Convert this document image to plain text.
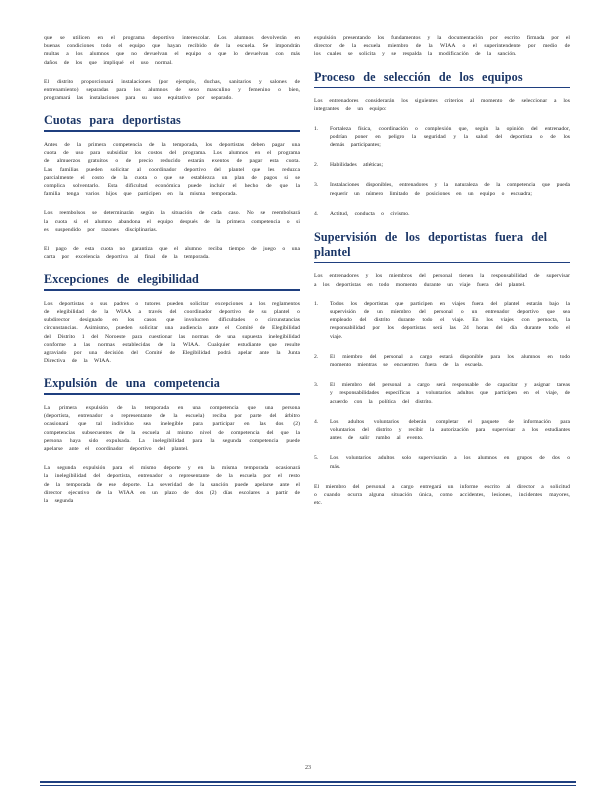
que se utilicen en el programa deportivo interescolar. Los alumnos devolverán en buenas condiciones todo el equipo que hayan recibido de la escuela. Se impondrán multas a los alumnos que no devuelvan el equipo o que lo devuelvan con más daños de los que impliqué el uso normal.

El distrito proporcionará instalaciones (por ejemplo, duchas, sanitarios y salones de entrenamiento) separadas para los alumnos de sexo masculino y femenino o bien, programará las instalaciones para su uso equitativo por separado.

Cuotas para deportistas

Antes de la primera competencia de la temporada, los deportistas deben pagar una cuota de uso para subsidiar los costos del programa. Los alumnos en el programa de almuerzos gratuitos o de precio reducido estarán exentos de pagar esta cuota. Las familias pueden solicitar al coordinador deportivo del plantel que les reduzca parcialmente el costo de la cuota o que se establezca un plan de pagos si se complica solventarlo. Esta dificultad económica puede incluir el hecho de que la familia tenga varios hijos que participen en la misma temporada.

Los reembolsos se determinarán según la situación de cada caso. No se reembolsará la cuota si el alumno abandona el equipo después de la primera competencia o si es suspendido por razones disciplinarias.

El pago de esta cuota no garantiza que el alumno reciba tiempo de juego o una carta por excelencia deportiva al final de la temporada.

Excepciones de elegibilidad

Los deportistas o sus padres o tutores pueden solicitar excepciones a los reglamentos de elegibilidad de la WIAA a través del coordinador deportivo de su plantel o subdirector designado en los casos que involucren dificultades o circunstancias circunstancias. Asimismo, pueden solicitar una audiencia ante el Comité de Elegibilidad del Distrito 1 del Noroeste para cuestionar las normas de una supuesta inelegibilidad conforme a las normas establecidas de la WIAA. Cualquier estudiante que resulte agraviado por una decisión del Comité de Elegibilidad podrá apelar ante la Junta Directiva de la WIAA.

Expulsión de una competencia

La primera expulsión de la temporada en una competencia que una persona (deportista, entrenador o representante de la escuela) reciba por parte del árbitro ocasionará que tal individuo sea inelegible para participar en las dos (2) competencias subsecuentes de la escuela al mismo nivel de competencia del que la persona haya sido expulsada. La inelegibilidad para la segunda competencia puede apelarse ante el coordinador deportivo del plantel.

La segunda expulsión para el mismo deporte y en la misma temporada ocasionará la inelegibilidad del deportista, entrenador o representante de la escuela por el resto de la temporada de ese deporte. La severidad de la sanción puede apelarse ante el director ejecutivo de la WIAA en un plazo de dos (2) días escolares a partir de la segunda

expulsión presentando los fundamentos y la documentación por escrito firmada por el director de la escuela miembro de la WIAA o el superintendente por medio de los cuales se solicita y se respalda la modificación de la sanción.

Proceso de selección de los equipos

Los entrenadores considerarán los siguientes criterios al momento de seleccionar a los integrantes de un equipo:

1. Fortaleza física, coordinación o complexión que, según la opinión del entrenador, podrían poner en peligro la seguridad y la salud del deportista o de los demás participantes;
2. Habilidades atléticas;
3. Instalaciones disponibles, entrenadores y la naturaleza de la competencia que pueda requerir un número limitado de posiciones en un equipo o escuadra;
4. Actitud, conducta o civismo.
Supervisión de los deportistas fuera del plantel

Los entrenadores y los miembros del personal tienen la responsabilidad de supervisar a los deportistas en todo momento durante un viaje fuera del plantel.

1. Todos los deportistas que participen en viajes fuera del plantel estarán bajo la supervisión de un miembro del personal o un entrenador deportivo que sea empleado del distrito durante todo el viaje. En los viajes con pernocta, la responsabilidad por los deportistas será las 24 horas del día durante todo el viaje.
2. El miembro del personal a cargo estará disponible para los alumnos en todo momento mientras se encuentren fuera de la escuela.
3. El miembro del personal a cargo será responsable de capacitar y asignar tareas y responsabilidades específicas a voluntarios adultos que participen en el viaje, de acuerdo con la política del distrito.
4. Los adultos voluntarios deberán completar el paquete de información para voluntarios del distrito y recibir la autorización para supervisar a los estudiantes antes de salir rumbo al evento.
5. Los voluntarios adultos solo supervisarán a los alumnos en grupos de dos o más.

El miembro del personal a cargo entregará un informe escrito al director a solicitud o cuando ocurra alguna situación única, como accidentes, lesiones, incidentes mayores, etc.

23
